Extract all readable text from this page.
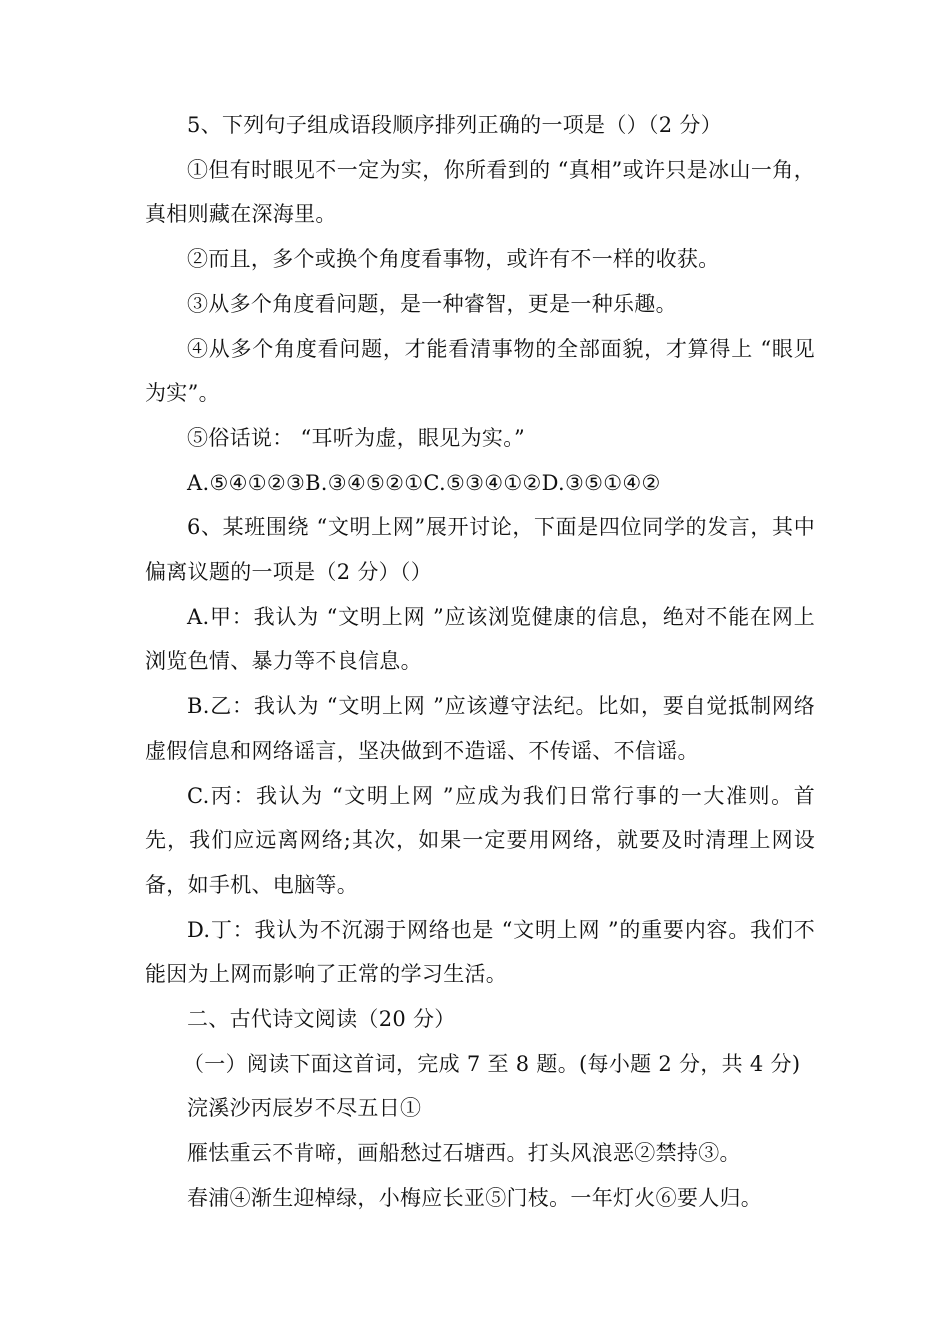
5、下列句子组成语段顺序排列正确的一项是（）（2 分）

①但有时眼见不一定为实，你所看到的 “真相”或许只是冰山一角，真相则藏在深海里。

②而且，多个或换个角度看事物，或许有不一样的收获。

③从多个角度看问题，是一种睿智，更是一种乐趣。

④从多个角度看问题，才能看清事物的全部面貌，才算得上 “眼见为实”。

⑤俗话说： “耳听为虚，眼见为实。”

A.⑤④①②③B.③④⑤②①C.⑤③④①②D.③⑤①④②

6、某班围绕 “文明上网”展开讨论，下面是四位同学的发言，其中偏离议题的一项是（2 分）（）

A.甲：我认为 “文明上网 ”应该浏览健康的信息，绝对不能在网上浏览色情、暴力等不良信息。

B.乙：我认为 “文明上网 ”应该遵守法纪。比如，要自觉抵制网络虚假信息和网络谣言，坚决做到不造谣、不传谣、不信谣。

C.丙：我认为 “文明上网 ”应成为我们日常行事的一大准则。首先，我们应远离网络;其次，如果一定要用网络，就要及时清理上网设备，如手机、电脑等。

D.丁：我认为不沉溺于网络也是 “文明上网 ”的重要内容。我们不能因为上网而影响了正常的学习生活。

二、古代诗文阅读（20 分）

（一）阅读下面这首词，完成 7 至 8 题。(每小题 2 分，共 4 分)

浣溪沙丙辰岁不尽五日①

雁怯重云不肯啼，画船愁过石塘西。打头风浪恶②禁持③。

春浦④渐生迎棹绿，小梅应长亚⑤门枝。一年灯火⑥要人归。
